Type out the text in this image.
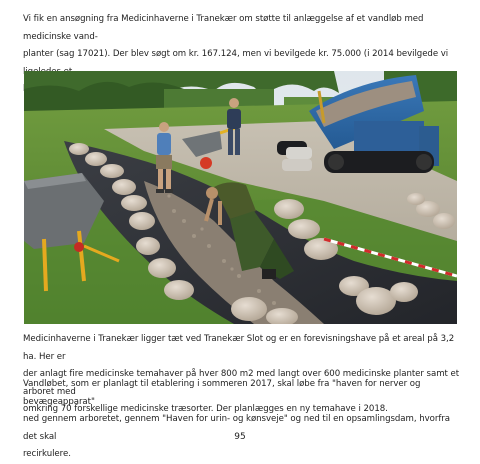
Vi fik en ansøgning fra Medicinhaverne i Tranekær om støtte til anlæggelse af et vandløb med medicinske vand-
planter (sag 17021). Der blev søgt om kr. 167.124, men vi bevilgede kr. 75.000 (i 2014 bevilgede vi

Medicinhaverne i Tranekær ligger tæt ved Tranekær Slot og er en forevisningshave på et areal på 3,2 ha. Her er
der anlagt fire medicinske temahaver på hver 800 m2 med langt over 600 medicinske planter samt et arboret med
omkring 70 forskellige medicinske træsorter. Der planlægges en ny temahave i 2018.

Vandløbet, som er planlagt til etablering i sommeren 2017, skal løbe fra "haven for nerver og bevægeapparat"
ned gennem arboretet, gennem "Haven for urin- og kønsveje" og ned til en opsamlingsdam, hvorfra det skal
recirkulere.

95
